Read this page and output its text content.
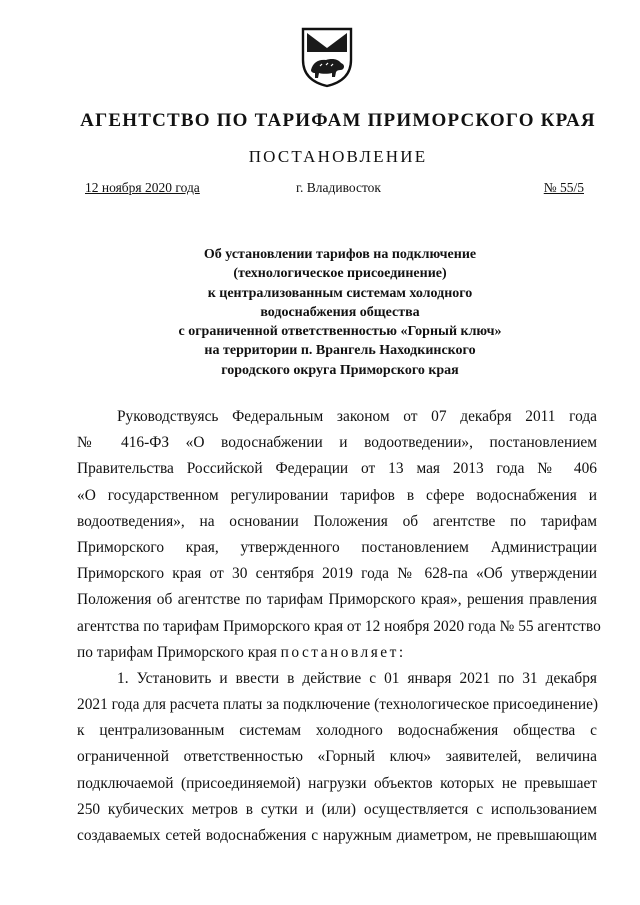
АГЕНТСТВО ПО ТАРИФАМ ПРИМОРСКОГО КРАЯ
ПОСТАНОВЛЕНИЕ
12 ноября 2020 года	г. Владивосток	№ 55/5
Об установлении тарифов на подключение
(технологическое присоединение)
к централизованным системам холодного
водоснабжения общества
с ограниченной ответственностью «Горный ключ»
на территории п. Врангель Находкинского
городского округа Приморского края
Руководствуясь Федеральным законом от 07 декабря 2011 года
№ 416-ФЗ «О водоснабжении и водоотведении», постановлением
Правительства Российской Федерации от 13 мая 2013 года № 406
«О государственном регулировании тарифов в сфере водоснабжения и
водоотведения», на основании Положения об агентстве по тарифам
Приморского края, утвержденного постановлением Администрации
Приморского края от 30 сентября 2019 года № 628-па «Об утверждении
Положения об агентстве по тарифам Приморского края», решения правления
агентства по тарифам Приморского края от 12 ноября 2020 года № 55 агентство
по тарифам Приморского края постановляет:
1. Установить и ввести в действие с 01 января 2021 по 31 декабря
2021 года для расчета платы за подключение (технологическое присоединение)
к централизованным системам холодного водоснабжения общества с
ограниченной ответственностью «Горный ключ» заявителей, величина
подключаемой (присоединяемой) нагрузки объектов которых не превышает
250 кубических метров в сутки и (или) осуществляется с использованием
создаваемых сетей водоснабжения с наружным диаметром, не превышающим
